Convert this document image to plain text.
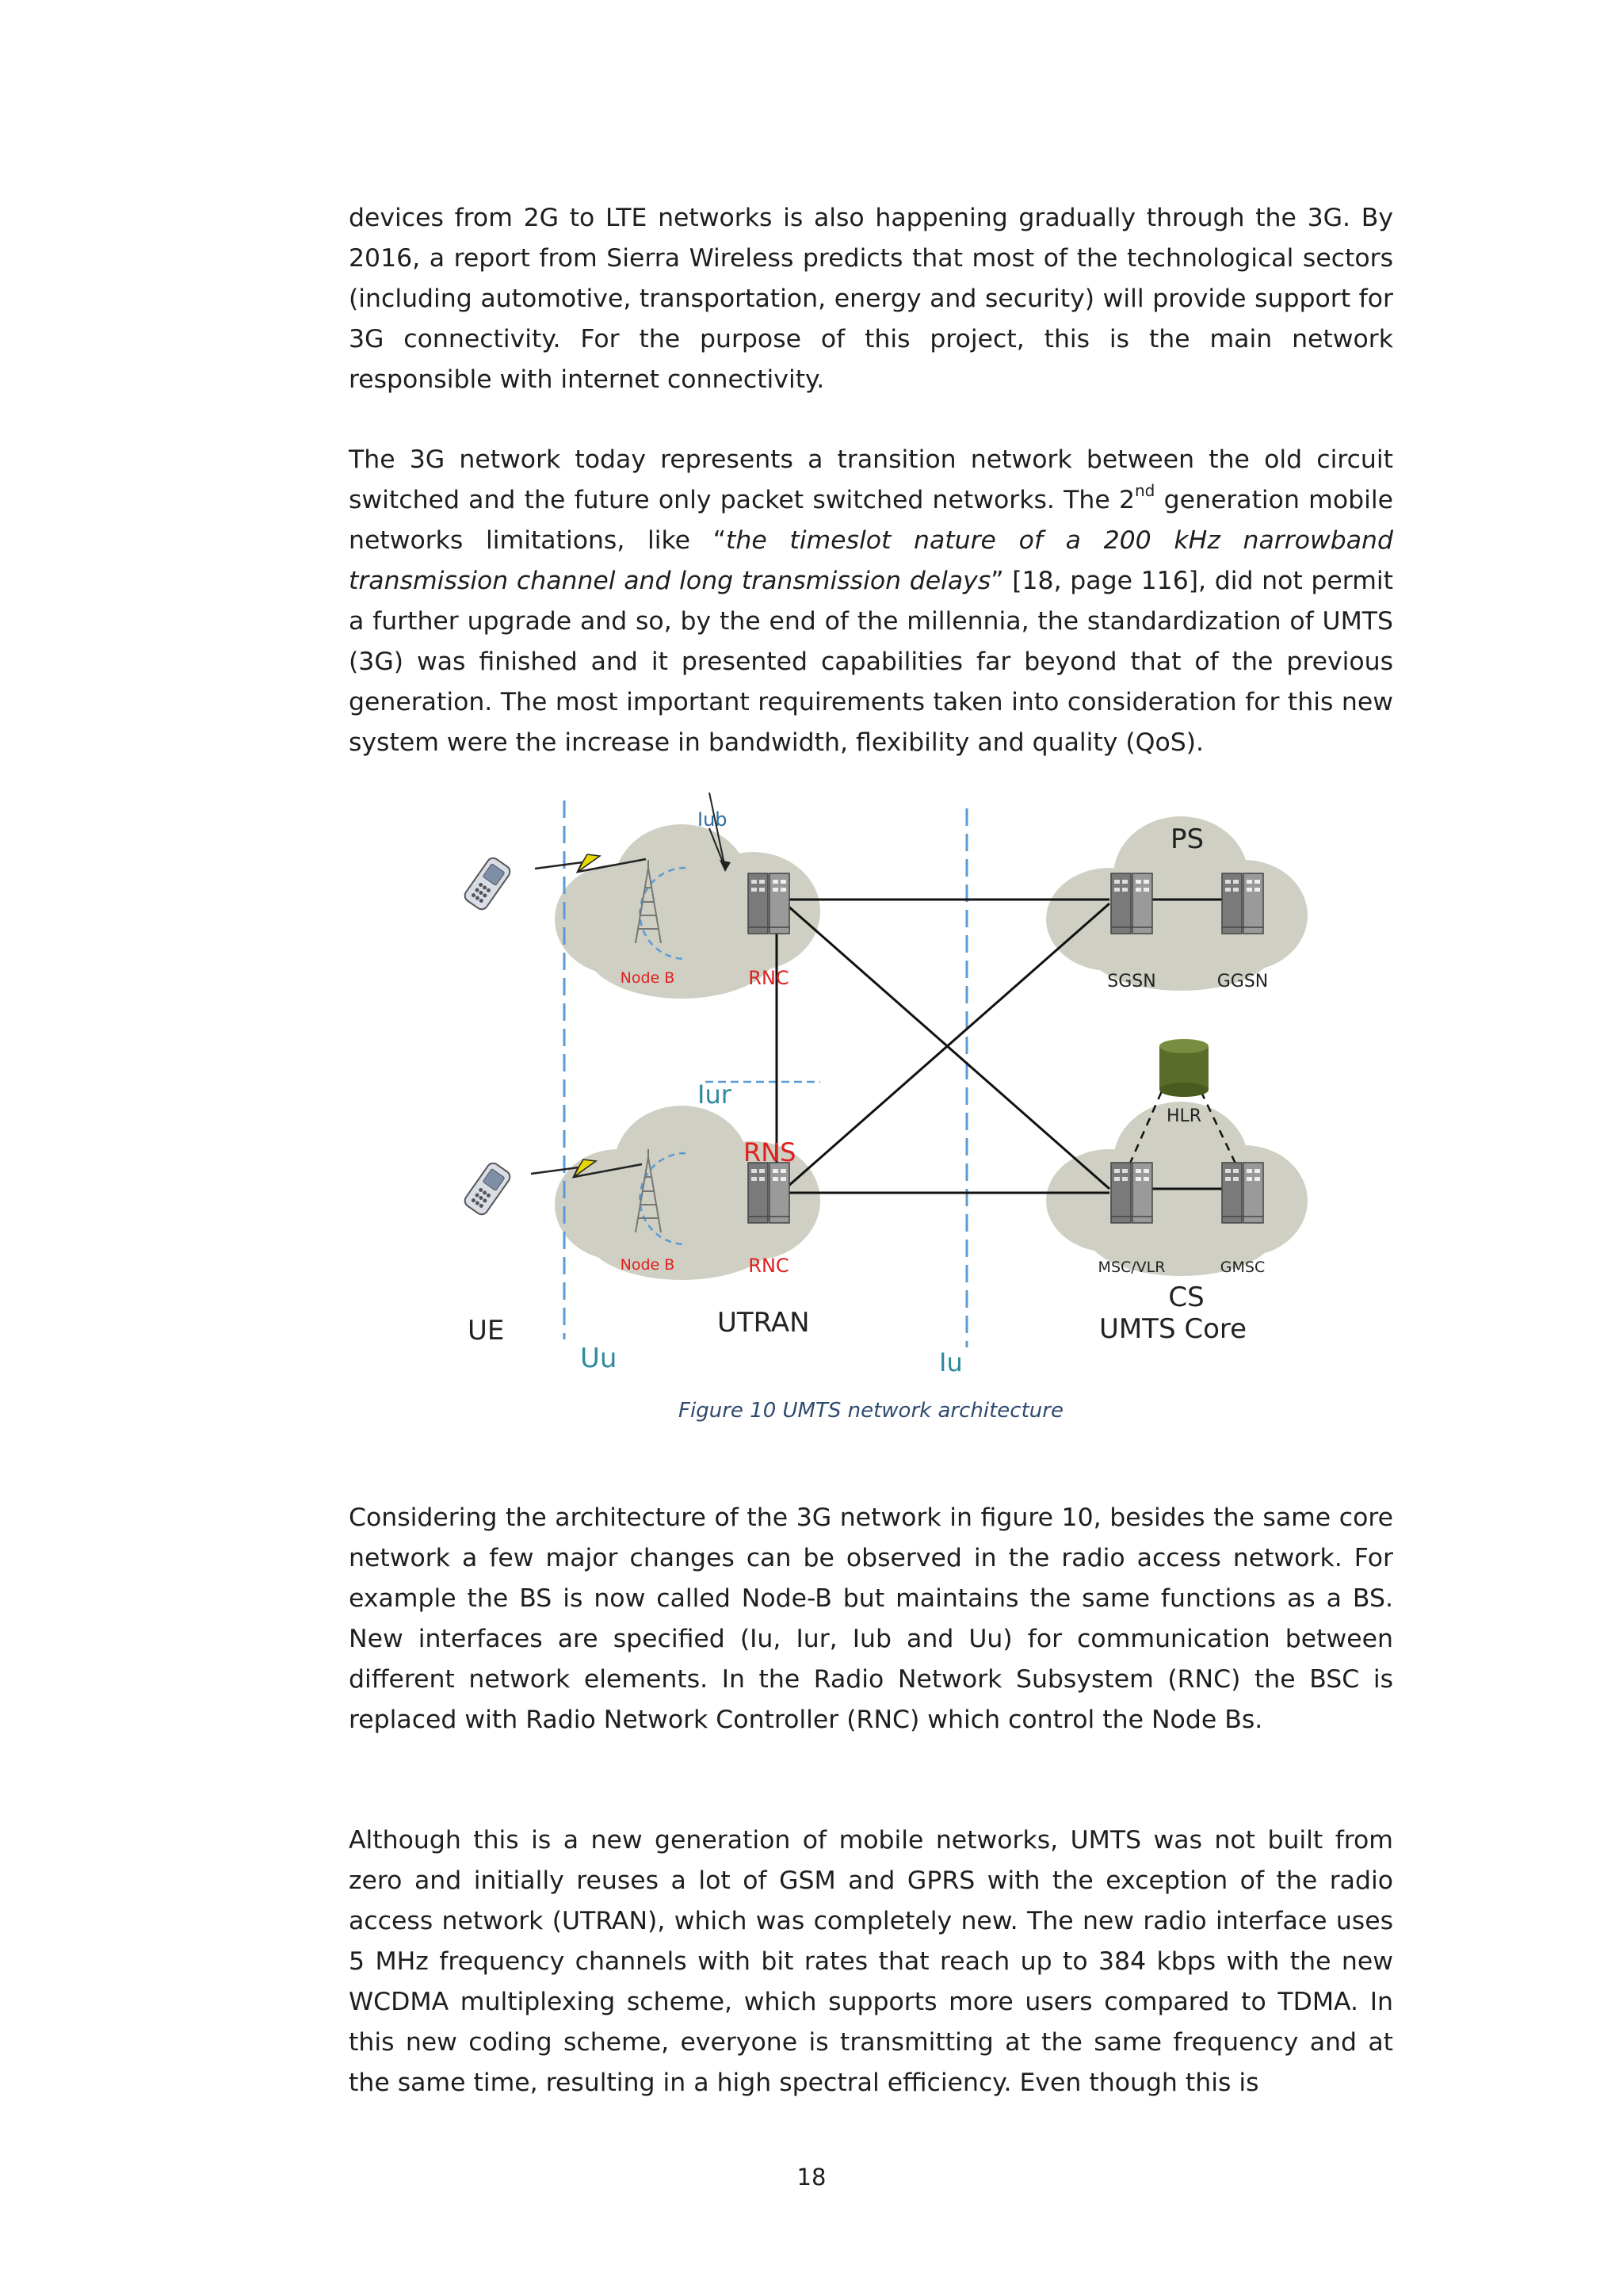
devices from 2G to LTE networks is also happening gradually through the 3G. By 2016, a report from Sierra Wireless predicts that most of the technological sectors (including automotive, transportation, energy and security) will provide support for 3G connectivity. For the purpose of this project, this is the main network responsible with internet connectivity.

The 3G network today represents a transition network between the old circuit switched and the future only packet switched networks. The 2nd generation mobile networks limitations, like “the timeslot nature of a 200 kHz narrowband transmission channel and long transmission delays” [18, page 116], did not permit a further upgrade and so, by the end of the millennia, the standardization of UMTS (3G) was finished and it presented capabilities far beyond that of the previous generation. The most important requirements taken into consideration for this new system were the increase in bandwidth, flexibility and quality (QoS).

Iub
Node B	RNC
Iur
RNS
Node B	RNC
UE
Uu
UTRAN
Iu
PS
SGSN	GGSN
HLR
MSC/VLR	GMSC
CS
UMTS Core
Figure 10 UMTS network architecture

Considering the architecture of the 3G network in figure 10, besides the same core network a few major changes can be observed in the radio access network. For example the BS is now called Node-B but maintains the same functions as a BS. New interfaces are specified (Iu, Iur, Iub and Uu) for communication between different network elements. In the Radio Network Subsystem (RNC) the BSC is replaced with Radio Network Controller (RNC) which control the Node Bs.

Although this is a new generation of mobile networks, UMTS was not built from zero and initially reuses a lot of GSM and GPRS with the exception of the radio access network (UTRAN), which was completely new. The new radio interface uses 5 MHz frequency channels with bit rates that reach up to 384 kbps with the new WCDMA multiplexing scheme, which supports more users compared to TDMA. In this new coding scheme, everyone is transmitting at the same frequency and at the same time, resulting in a high spectral efficiency. Even though this is

18
